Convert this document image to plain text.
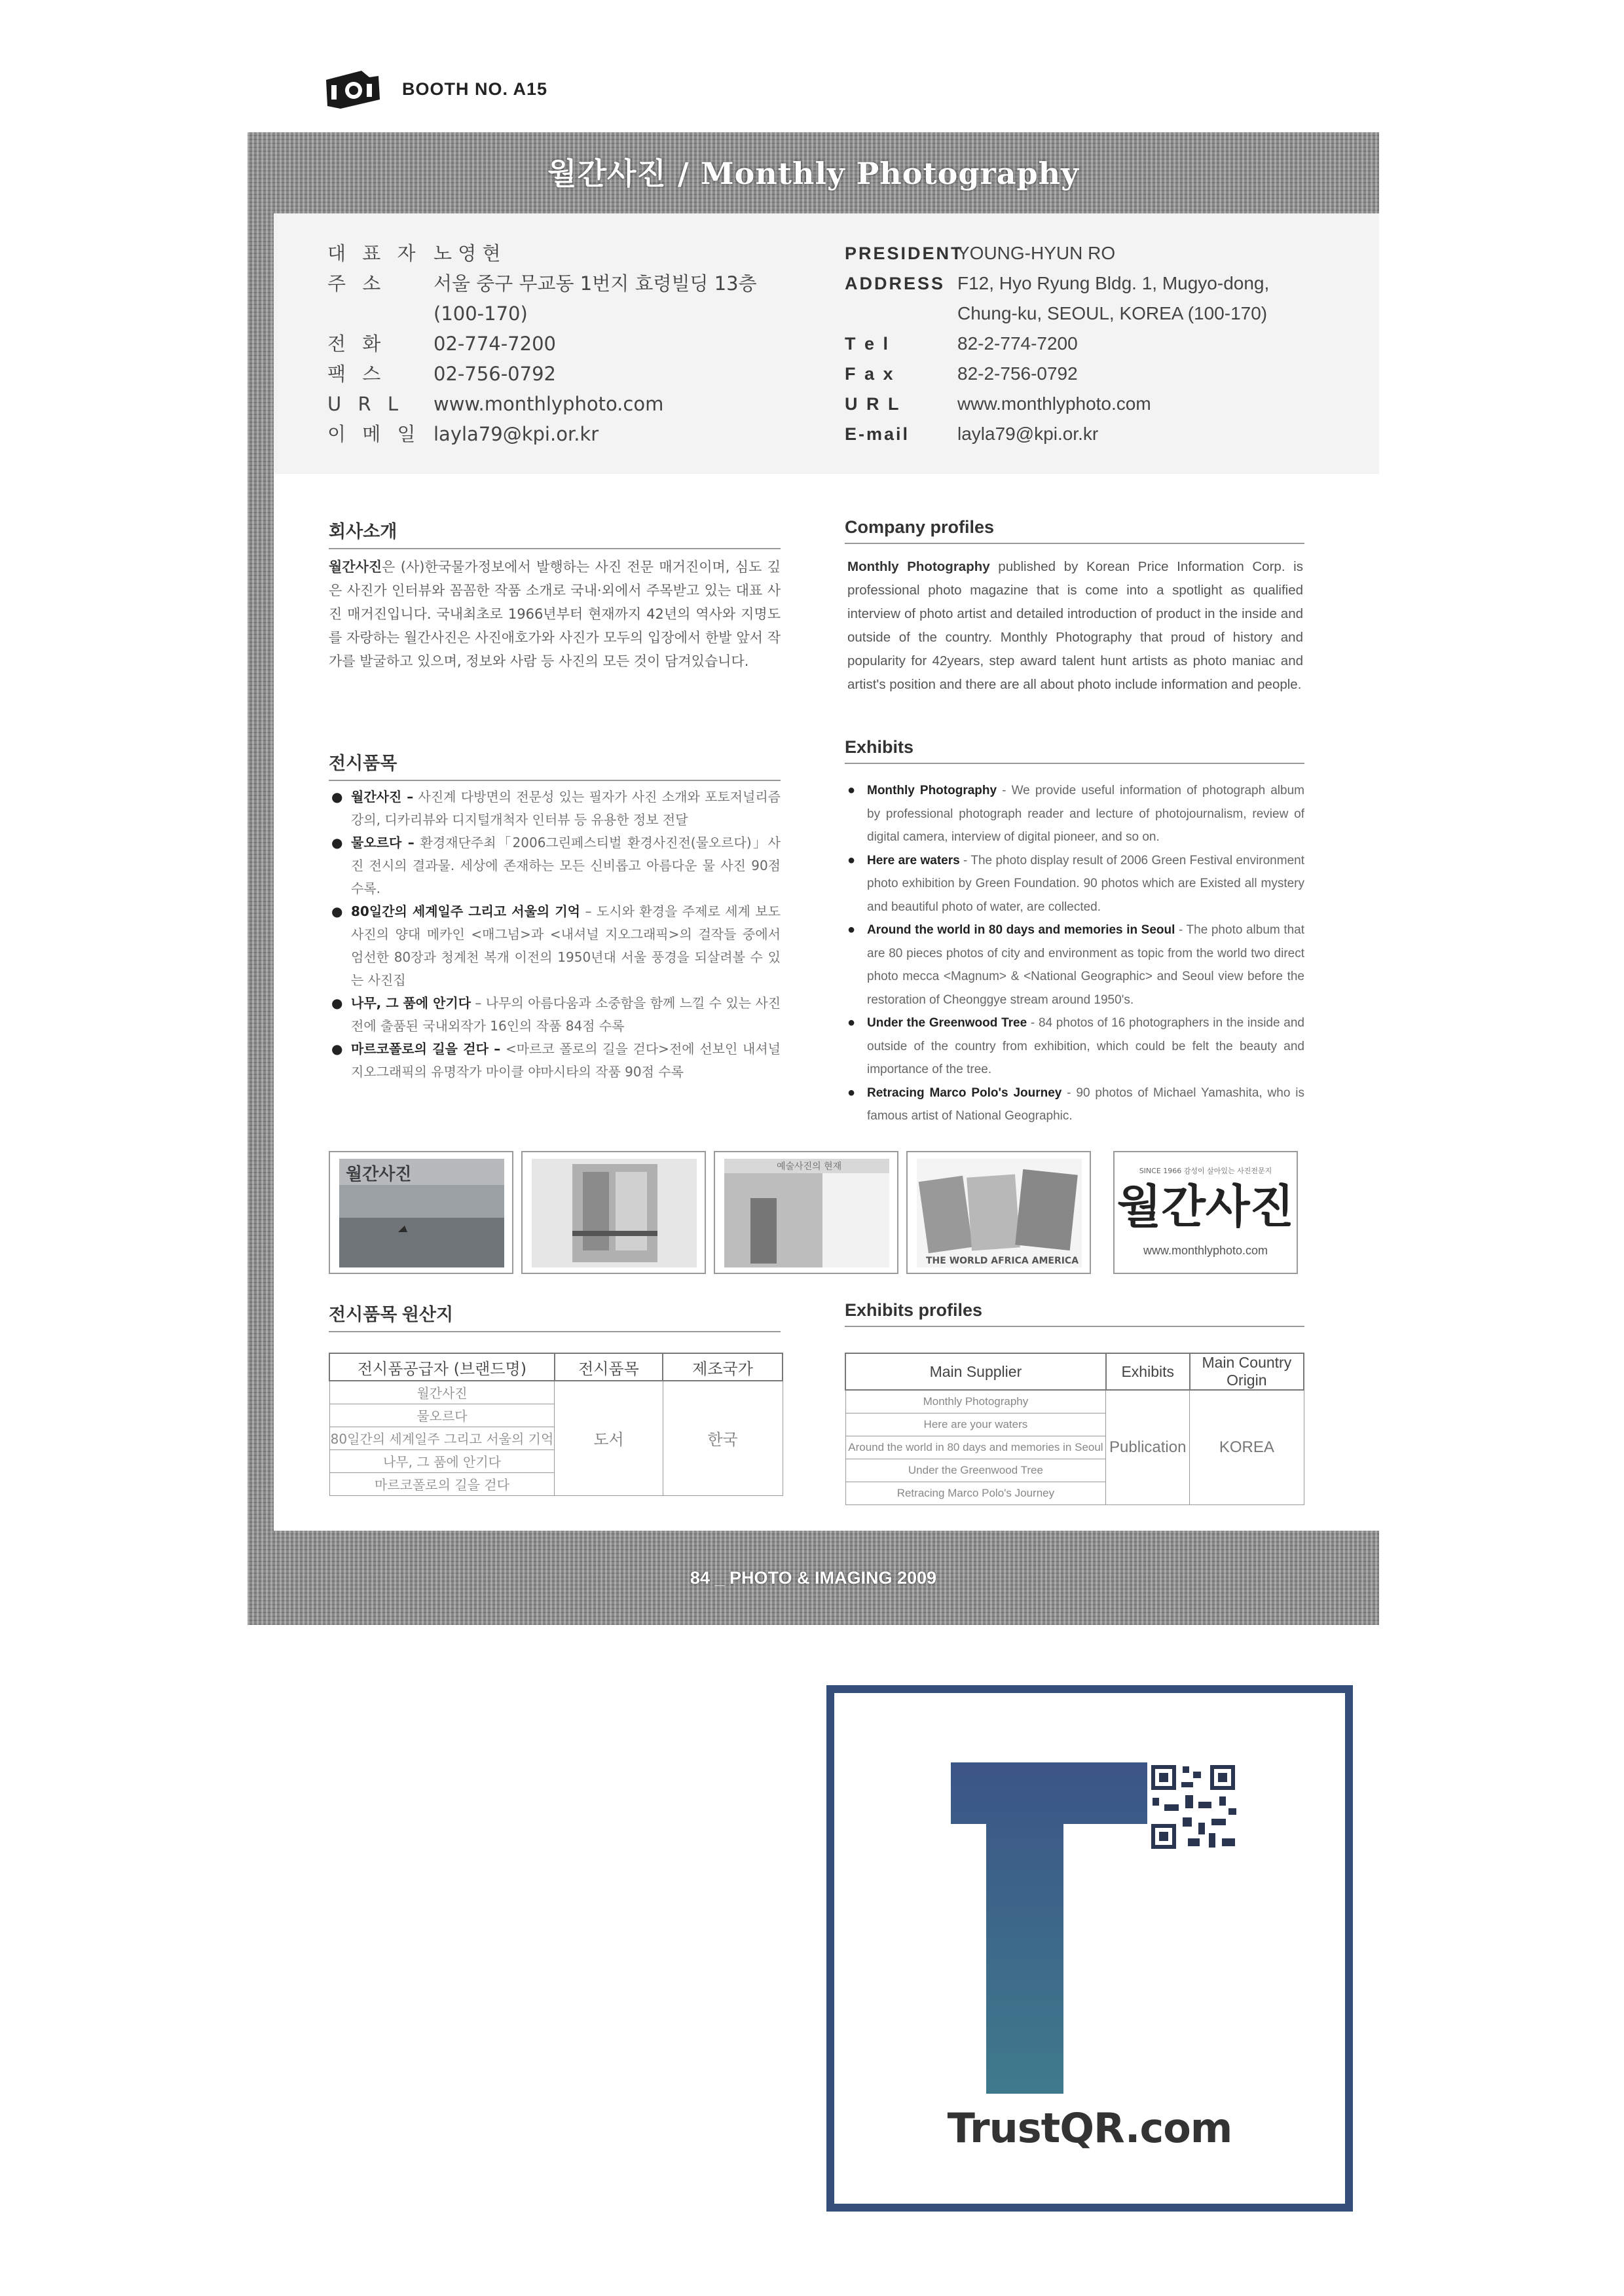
BOOTH NO. A15
월간사진 / Monthly Photography
대 표 자 노 영 현
주 소	서울 중구 무교동 1번지 효령빌딩 13층
(100-170)
전 화	02-774-7200
팩 스	02-756-0792
U R L	www.monthlyphoto.com
이 메 일 layla79@kpi.or.kr
PRESIDENT
YOUNG-HYUN RO
ADDRESS F12, Hyo Ryung Bldg. 1, Mugyo-dong,
Chung-ku, SEOUL, KOREA (100-170)
T e l	82-2-774-7200
F a x	82-2-756-0792
U R L	www.monthlyphoto.com
E-mail	layla79@kpi.or.kr
회사소개
월간사진은 (사)한국물가정보에서 발행하는 사진 전문 매거진이며, 심도 깊은 사진가 인터뷰와 꼼꼼한 작품 소개로 국내·외에서 주목받고 있는 대표 사진 매거진입니다. 국내최초로 1966년부터 현재까지 42년의 역사와 지명도를 자랑하는 월간사진은 사진애호가와 사진가 모두의 입장에서 한발 앞서 작가를 발굴하고 있으며, 정보와 사람 등 사진의 모든 것이 담겨있습니다.
Company profiles
Monthly Photography published by Korean Price Information Corp. is professional photo magazine that is come into a spotlight as qualified interview of photo artist and detailed introduction of product in the inside and outside of the country. Monthly Photography that proud of history and popularity for 42years, step award talent hunt artists as photo maniac and artist's position and there are all about photo include information and people.
전시품목
● 월간사진 – 사진계 다방면의 전문성 있는 필자가 사진 소개와 포토저널리즘 강의, 디카리뷰와 디지털개척자 인터뷰 등 유용한 정보 전달
● 물오르다 – 환경재단주최「2006그린페스티벌 환경사진전(물오르다)」사진 전시의 결과물. 세상에 존재하는 모든 신비롭고 아름다운 물 사진 90점 수록.
● 80일간의 세계일주 그리고 서울의 기억 – 도시와 환경을 주제로 세계 보도사진의 양대 메카인 <매그넘>과 <내셔널 지오그래픽>의 걸작들 중에서 엄선한 80장과 청계천 복개 이전의 1950년대 서울 풍경을 되살려볼 수 있는 사진집
● 나무, 그 품에 안기다 – 나무의 아름다움과 소중함을 함께 느낄 수 있는 사진전에 출품된 국내외작가 16인의 작품 84점 수록
● 마르코폴로의 길을 걷다 – <마르코 폴로의 길을 걷다>전에 선보인 내셔널 지오그래픽의 유명작가 마이클 야마시타의 작품 90점 수록
Exhibits
● Monthly Photography - We provide useful information of photograph album by professional photograph reader and lecture of photojournalism, review of digital camera, interview of digital pioneer, and so on.
● Here are waters - The photo display result of 2006 Green Festival environment photo exhibition by Green Foundation. 90 photos which are Existed all mystery and beautiful photo of water, are collected.
● Around the world in 80 days and memories in Seoul - The photo album that are 80 pieces photos of city and environment as topic from the world two direct photo mecca <Magnum> & <National Geographic> and Seoul view before the restoration of Cheonggye stream around 1950's.
● Under the Greenwood Tree - 84 photos of 16 photographers in the inside and outside of the country from exhibition, which could be felt the beauty and importance of the tree.
● Retracing Marco Polo's Journey - 90 photos of Michael Yamashita, who is famous artist of National Geographic.
월간사진	예술사진의 현재
THE WORLD AFRICA AMERICA
SINCE 1966 감성이 살아있는 사진전문지
월간사진
www.monthlyphoto.com
전시품목 원산지
전시품공급자 (브랜드명)	전시품목	제조국가
월간사진	도서	한국
물오르다		
80일간의 세계일주 그리고 서울의 기억		
나무, 그 품에 안기다		
마르코폴로의 길을 걷다		
Exhibits profiles
Main Supplier	Exhibits	Main Country Origin
Monthly Photography	Publication	KOREA
Here are your waters		
Around the world in 80 days and memories in Seoul		
Under the Greenwood Tree		
Retracing Marco Polo's Journey		
84 _ PHOTO & IMAGING 2009
TrustQR.com
